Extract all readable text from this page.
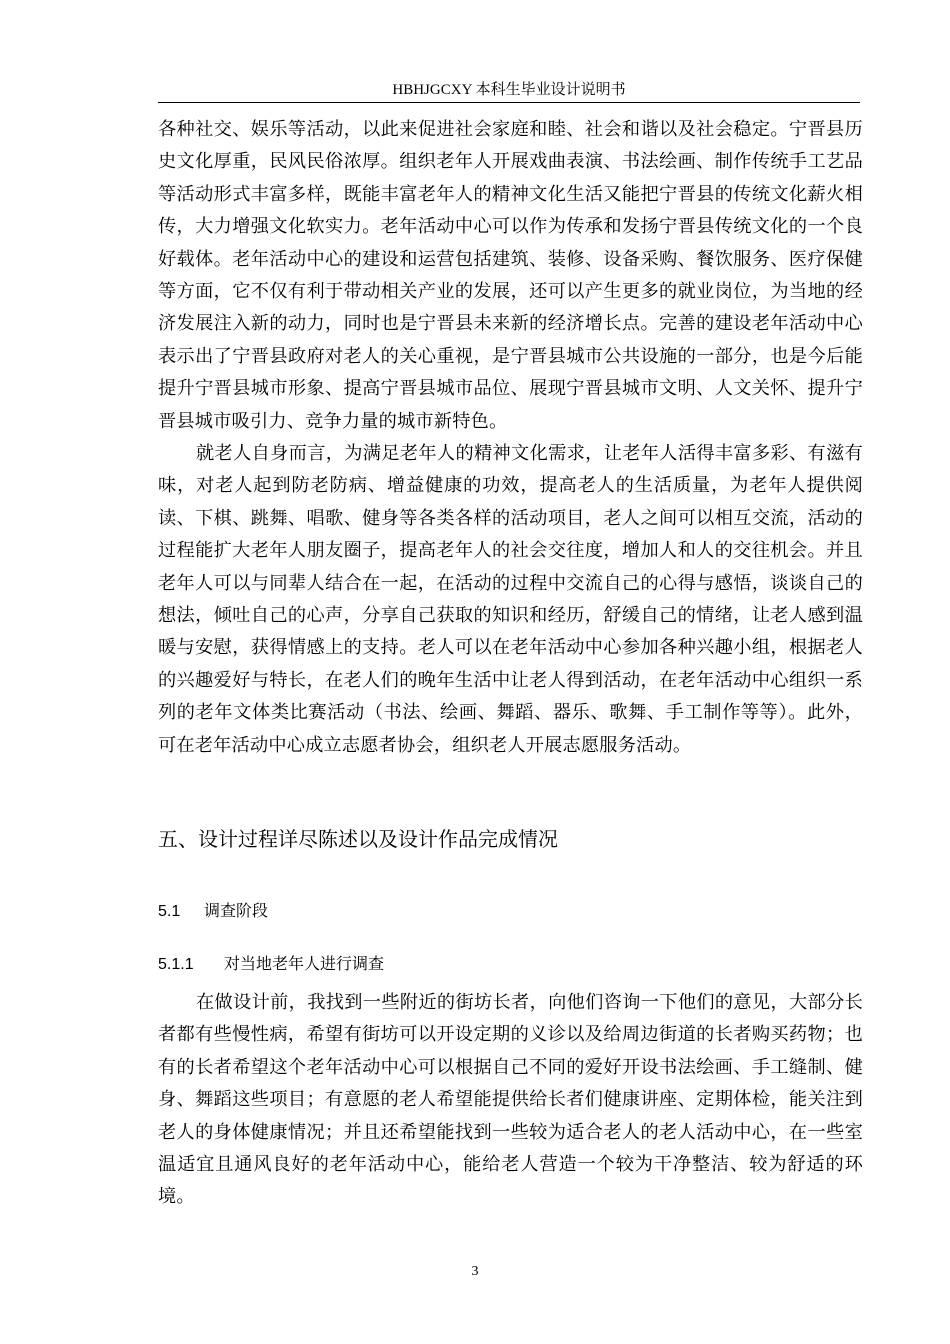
HBHJGCXY 本科生毕业设计说明书

各种社交、娱乐等活动，以此来促进社会家庭和睦、社会和谐以及社会稳定。宁晋县历史文化厚重，民风民俗浓厚。组织老年人开展戏曲表演、书法绘画、制作传统手工艺品等活动形式丰富多样，既能丰富老年人的精神文化生活又能把宁晋县的传统文化薪火相传，大力增强文化软实力。老年活动中心可以作为传承和发扬宁晋县传统文化的一个良好载体。老年活动中心的建设和运营包括建筑、装修、设备采购、餐饮服务、医疗保健等方面，它不仅有利于带动相关产业的发展，还可以产生更多的就业岗位，为当地的经济发展注入新的动力，同时也是宁晋县未来新的经济增长点。完善的建设老年活动中心表示出了宁晋县政府对老人的关心重视，是宁晋县城市公共设施的一部分，也是今后能提升宁晋县城市形象、提高宁晋县城市品位、展现宁晋县城市文明、人文关怀、提升宁晋县城市吸引力、竞争力量的城市新特色。

就老人自身而言，为满足老年人的精神文化需求，让老年人活得丰富多彩、有滋有味，对老人起到防老防病、增益健康的功效，提高老人的生活质量，为老年人提供阅读、下棋、跳舞、唱歌、健身等各类各样的活动项目，老人之间可以相互交流，活动的过程能扩大老年人朋友圈子，提高老年人的社会交往度，增加人和人的交往机会。并且老年人可以与同辈人结合在一起，在活动的过程中交流自己的心得与感悟，谈谈自己的想法，倾吐自己的心声，分享自己获取的知识和经历，舒缓自己的情绪，让老人感到温暖与安慰，获得情感上的支持。老人可以在老年活动中心参加各种兴趣小组，根据老人的兴趣爱好与特长，在老人们的晚年生活中让老人得到活动，在老年活动中心组织一系列的老年文体类比赛活动（书法、绘画、舞蹈、器乐、歌舞、手工制作等等）。此外，可在老年活动中心成立志愿者协会，组织老人开展志愿服务活动。

五、设计过程详尽陈述以及设计作品完成情况
5.1 调查阶段
5.1.1 对当地老年人进行调查

在做设计前，我找到一些附近的街坊长者，向他们咨询一下他们的意见，大部分长者都有些慢性病，希望有街坊可以开设定期的义诊以及给周边街道的长者购买药物；也有的长者希望这个老年活动中心可以根据自己不同的爱好开设书法绘画、手工缝制、健身、舞蹈这些项目；有意愿的老人希望能提供给长者们健康讲座、定期体检，能关注到老人的身体健康情况；并且还希望能找到一些较为适合老人的老人活动中心，在一些室温适宜且通风良好的老年活动中心，能给老人营造一个较为干净整洁、较为舒适的环境。

3
